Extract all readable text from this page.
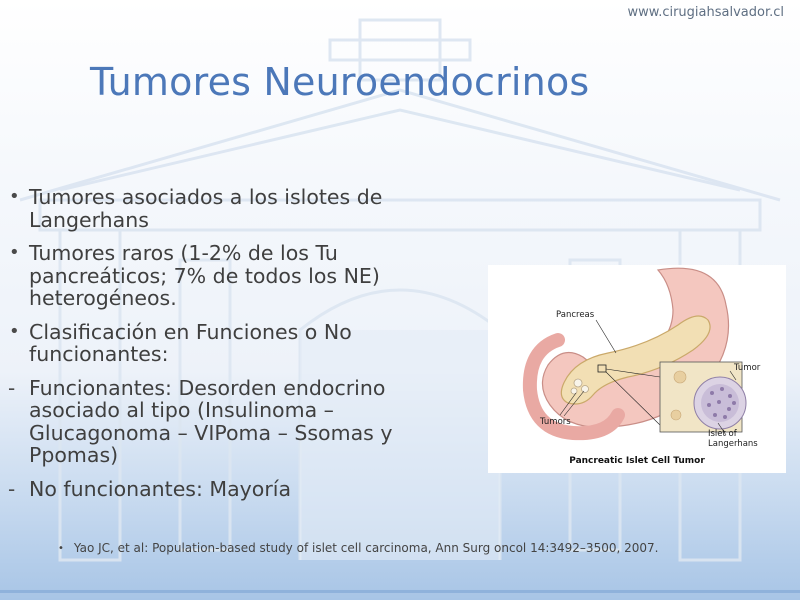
www.cirugiahsalvador.cl
Tumores Neuroendocrinos
• Tumores asociados a los islotes de Langerhans
• Tumores raros (1-2% de los Tu pancreáticos; 7% de todos los NE) heterogéneos.
• Clasificación en Funciones o No funcionantes:
- Funcionantes: Desorden endocrino asociado al tipo (Insulinoma – Glucagonoma – VIPoma – Ssomas y Ppomas)
- No funcionantes: Mayoría
Pancreas
Tumor
Tumors
Islet of
Langerhans
Pancreatic Islet Cell Tumor
• Yao JC, et al: Population-based study of islet cell carcinoma, Ann Surg oncol 14:3492–3500, 2007.
